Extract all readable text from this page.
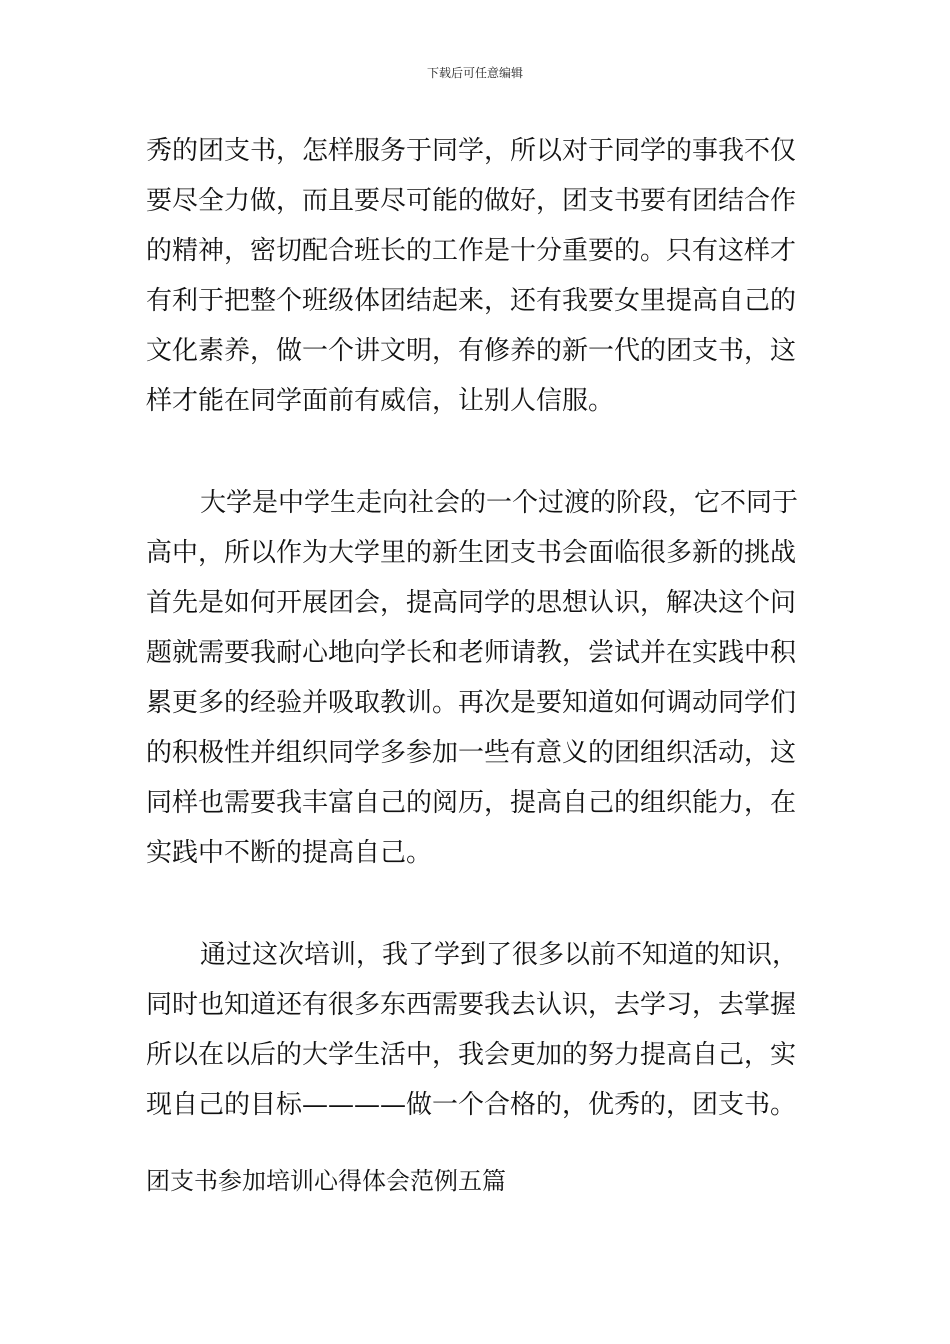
下载后可任意编辑

秀的团支书，怎样服务于同学，所以对于同学的事我不仅
要尽全力做，而且要尽可能的做好，团支书要有团结合作
的精神，密切配合班长的工作是十分重要的。只有这样才
有利于把整个班级体团结起来，还有我要女里提高自己的
文化素养，做一个讲文明，有修养的新一代的团支书，这
样才能在同学面前有威信，让别人信服。

大学是中学生走向社会的一个过渡的阶段，它不同于
高中，所以作为大学里的新生团支书会面临很多新的挑战
首先是如何开展团会，提高同学的思想认识，解决这个问
题就需要我耐心地向学长和老师请教，尝试并在实践中积
累更多的经验并吸取教训。再次是要知道如何调动同学们
的积极性并组织同学多参加一些有意义的团组织活动，这
同样也需要我丰富自己的阅历，提高自己的组织能力，在
实践中不断的提高自己。

通过这次培训，我了学到了很多以前不知道的知识，
同时也知道还有很多东西需要我去认识，去学习，去掌握
所以在以后的大学生活中，我会更加的努力提高自己，实
现自己的目标————做一个合格的，优秀的，团支书。

团支书参加培训心得体会范例五篇
